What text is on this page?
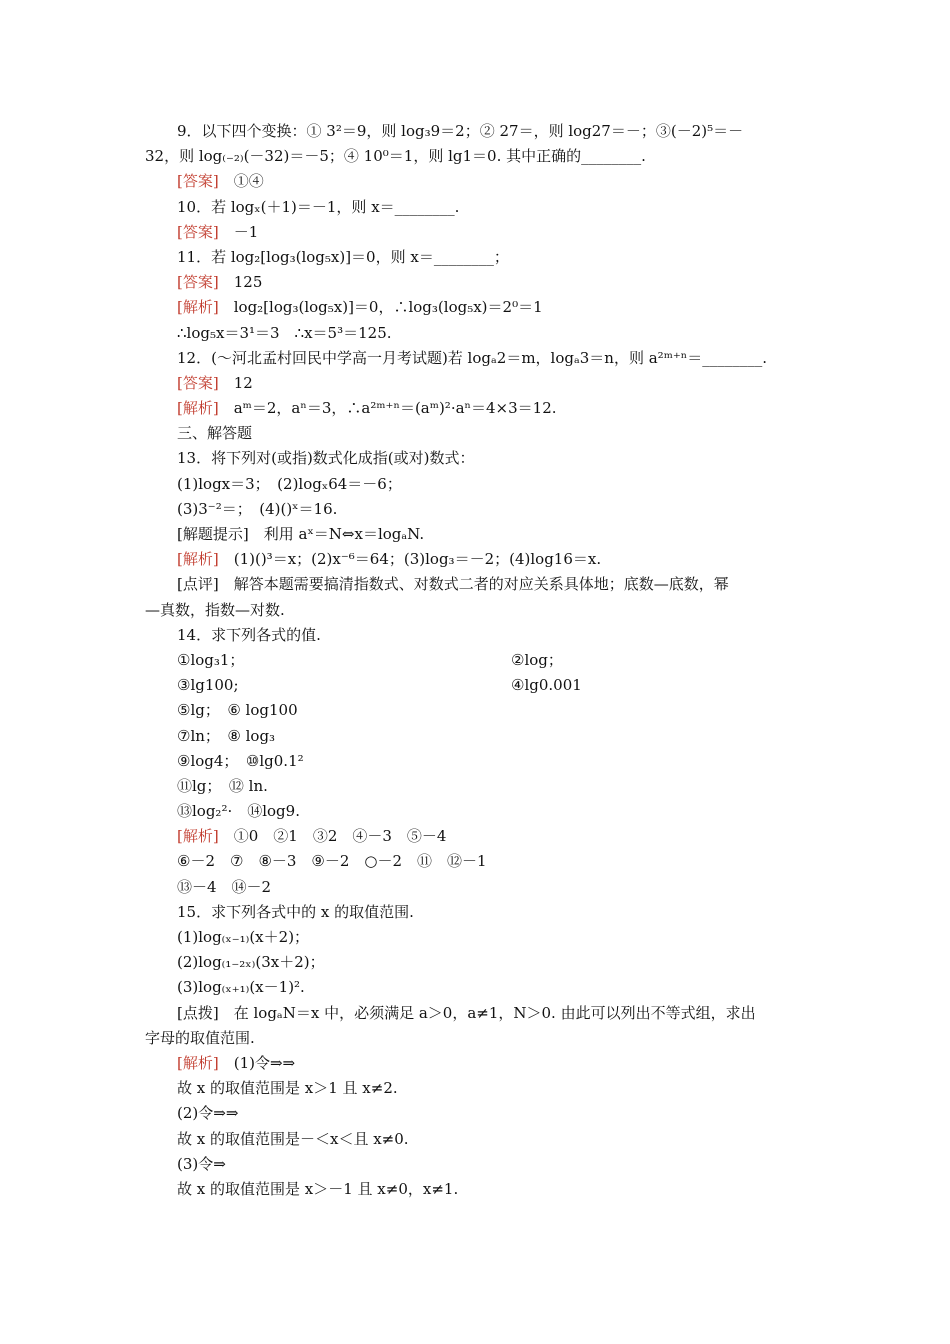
9．以下四个变换：① 3²＝9，则 log₃9＝2；② 27＝，则 log27＝－；③(－2)⁵＝－
32，则 log₍₋₂₎(－32)＝－5；④ 10⁰＝1，则 lg1＝0. 其中正确的________.
[答案]　 ①④
10．若 logₓ(＋1)＝－1，则 x＝________.
[答案]　 －1
11．若 log₂[log₃(log₅x)]＝0，则 x＝________；
[答案]　 125
[解析]　 log₂[log₃(log₅x)]＝0，∴log₃(log₅x)＝2⁰＝1
∴log₅x＝3¹＝3　∴x＝5³＝125.
12．(～河北孟村回民中学高一月考试题)若 logₐ2＝m，logₐ3＝n，则 a²ᵐ⁺ⁿ＝________.
[答案]　 12
[解析]　 aᵐ＝2，aⁿ＝3，∴a²ᵐ⁺ⁿ＝(aᵐ)²·aⁿ＝4×3＝12.
三、解答题
13．将下列对(或指)数式化成指(或对)数式：
(1)logx＝3；　(2)logₓ64＝－6；
(3)3⁻²＝；　(4)()ˣ＝16.
[解题提示]　 利用 aˣ＝N⇔x＝logₐN.
[解析]　 (1)()³＝x；(2)x⁻⁶＝64；(3)log₃＝－2；(4)log16＝x.
[点评]　 解答本题需要搞清指数式、对数式二者的对应关系具体地；底数—底数，幂
—真数，指数—对数.
14．求下列各式的值.
①log₃1；	②log；
③lg100;	④lg0.001
⑤lg；　⑥ log100
⑦ln；　⑧ log₃
⑨log4；　⑩lg0.1²
⑪lg；　⑫ ln.
⑬log₂²·　⑭log9.
[解析]　 ①0　②1　③2　④－3　⑤－4
⑥－2　⑦　⑧－3　⑨－2　○－2　⑪　⑫－1
⑬－4　⑭－2
15．求下列各式中的 x 的取值范围.
(1)log₍ₓ₋₁₎(x＋2)；
(2)log₍₁₋₂ₓ₎(3x＋2)；
(3)log₍ₓ₊₁₎(x－1)².
[点拨]　 在 logₐN＝x 中，必须满足 a＞0，a≠1，N＞0. 由此可以列出不等式组，求出
字母的取值范围.
[解析]　 (1)令⇒⇒
故 x 的取值范围是 x＞1 且 x≠2.
(2)令⇒⇒
故 x 的取值范围是－＜x＜且 x≠0.
(3)令⇒
故 x 的取值范围是 x＞－1 且 x≠0，x≠1.
